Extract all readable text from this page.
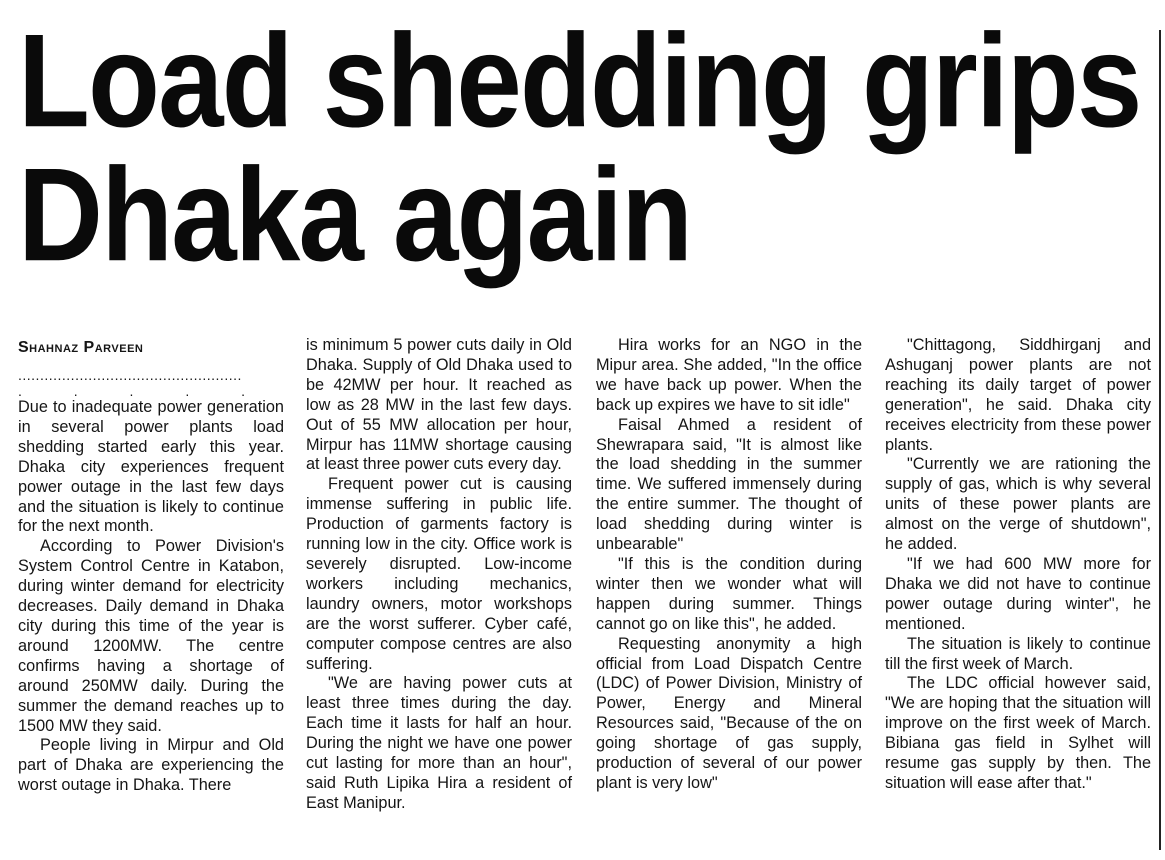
Load shedding grips
Dhaka again
Shahnaz Parveen
...................................................
. . . . .

Due to inadequate power generation in several power plants load shedding started early this year. Dhaka city experiences frequent power outage in the last few days and the situation is likely to continue for the next month.

According to Power Division's System Control Centre in Katabon, during winter demand for electricity decreases. Daily demand in Dhaka city during this time of the year is around 1200MW. The centre confirms having a shortage of around 250MW daily. During the summer the demand reaches up to 1500 MW they said.

People living in Mirpur and Old part of Dhaka are experiencing the worst outage in Dhaka. There

is minimum 5 power cuts daily in Old Dhaka. Supply of Old Dhaka used to be 42MW per hour. It reached as low as 28 MW in the last few days. Out of 55 MW allocation per hour, Mirpur has 11MW shortage causing at least three power cuts every day.

Frequent power cut is causing immense suffering in public life. Production of garments factory is running low in the city. Office work is severely disrupted. Low-income workers including mechanics, laundry owners, motor workshops are the worst sufferer. Cyber café, computer compose centres are also suffering.

"We are having power cuts at least three times during the day. Each time it lasts for half an hour. During the night we have one power cut lasting for more than an hour", said Ruth Lipika Hira a resident of East Manipur.

Hira works for an NGO in the Mipur area. She added, "In the office we have back up power. When the back up expires we have to sit idle"

Faisal Ahmed a resident of Shewrapara said, "It is almost like the load shedding in the summer time. We suffered immensely during the entire summer. The thought of load shedding during winter is unbearable"

"If this is the condition during winter then we wonder what will happen during summer. Things cannot go on like this", he added.

Requesting anonymity a high official from Load Dispatch Centre (LDC) of Power Division, Ministry of Power, Energy and Mineral Resources said, "Because of the on going shortage of gas supply, production of several of our power plant is very low"

"Chittagong, Siddhirganj and Ashuganj power plants are not reaching its daily target of power generation", he said. Dhaka city receives electricity from these power plants.

"Currently we are rationing the supply of gas, which is why several units of these power plants are almost on the verge of shutdown", he added.

"If we had 600 MW more for Dhaka we did not have to continue power outage during winter", he mentioned.

The situation is likely to continue till the first week of March.

The LDC official however said, "We are hoping that the situation will improve on the first week of March. Bibiana gas field in Sylhet will resume gas supply by then. The situation will ease after that."
